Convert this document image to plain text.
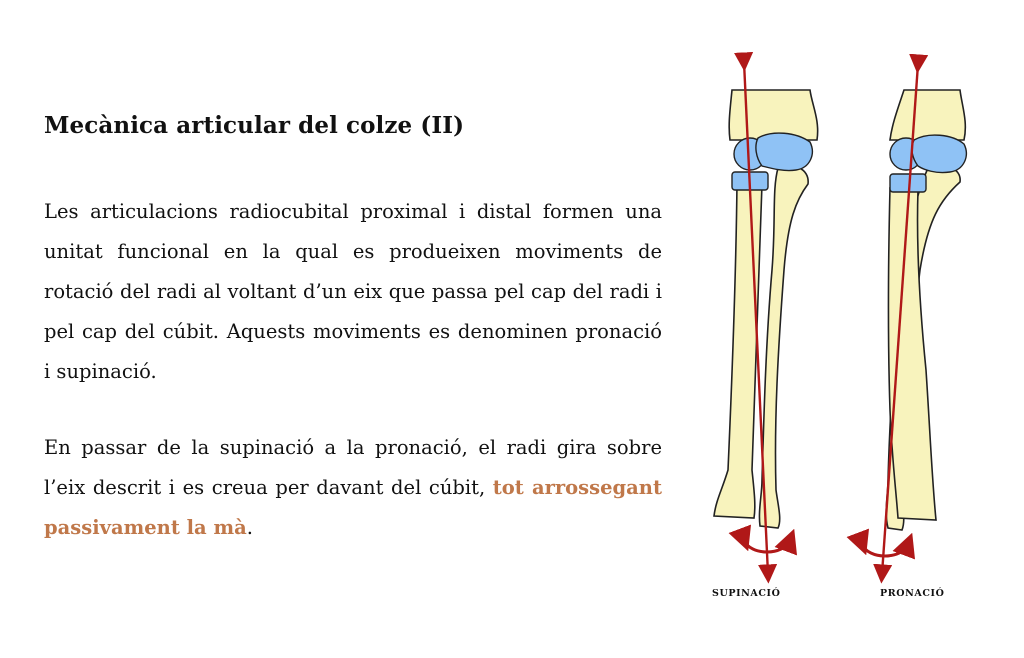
Mecànica articular del colze (II)

Les articulacions radiocubital proximal i distal formen una unitat funcional en la qual es produeixen moviments de rotació del radi al voltant d’un eix que passa pel cap del radi i pel cap del cúbit. Aquests moviments es denominen pronació i supinació.

En passar de la supinació a la pronació, el radi gira sobre l’eix descrit i es creua per davant del cúbit, tot arrossegant passivament la mà.

SUPINACIÓ	PRONACIÓ
